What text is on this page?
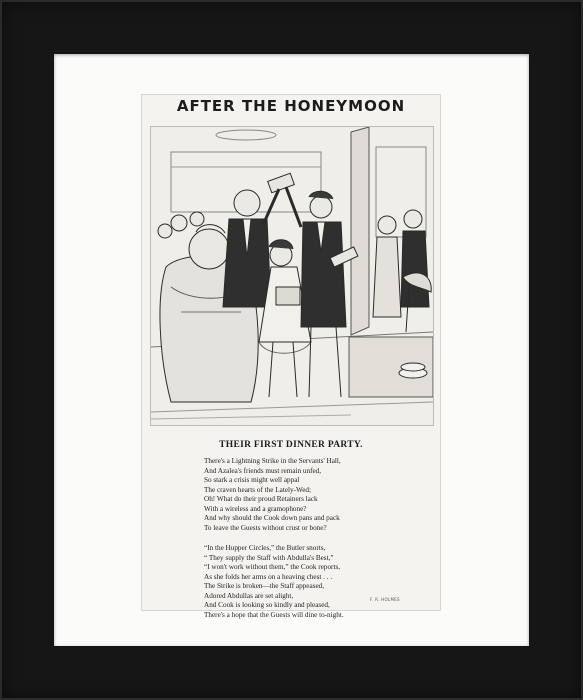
AFTER THE HONEYMOON
THEIR FIRST DINNER PARTY.
There's a Lightning Strike in the Servants' Hall,
And Azalea's friends must remain unfed,
So stark a crisis might well appal
The craven hearts of the Lately-Wed;
Oh! What do their proud Retainers lack
With a wireless and a gramophone?
And why should the Cook down pans and pack
To leave the Guests without crust or bone?
“In the Hupper Circles,” the Butler snorts,
“ They supply the Staff with Abdulla's Best,”
“I won't work without them,” the Cook reports,
As she folds her arms on a heaving chest . . .
The Strike is broken—the Staff appeased,
Adored Abdullas are set alight,
And Cook is looking so kindly and pleased,
There's a hope that the Guests will dine to-night.
F. R. HOLMES
